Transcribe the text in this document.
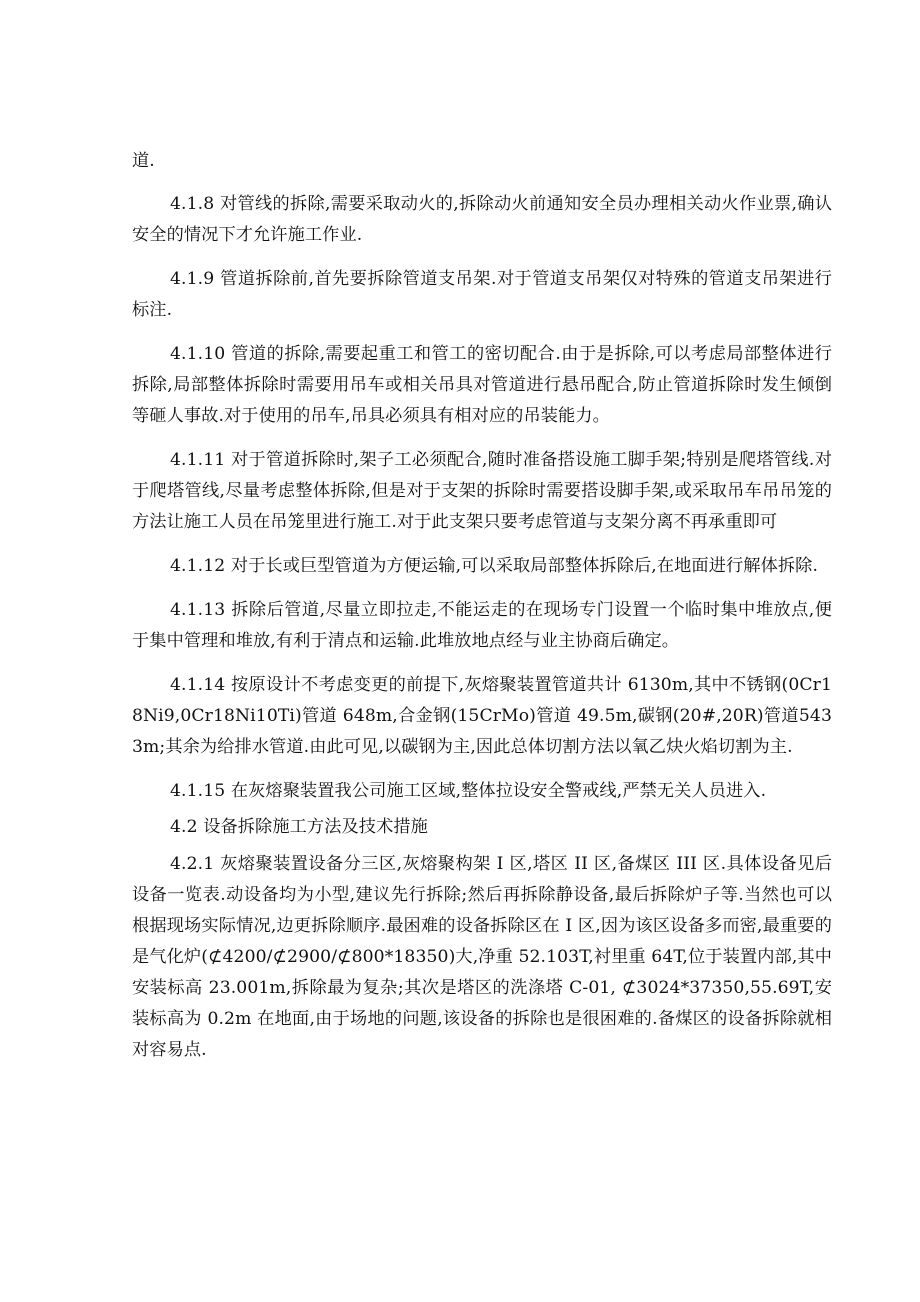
道.

4.1.8 对管线的拆除,需要采取动火的,拆除动火前通知安全员办理相关动火作业票,确认安全的情况下才允许施工作业.

4.1.9 管道拆除前,首先要拆除管道支吊架.对于管道支吊架仅对特殊的管道支吊架进行标注.

4.1.10 管道的拆除,需要起重工和管工的密切配合.由于是拆除,可以考虑局部整体进行拆除,局部整体拆除时需要用吊车或相关吊具对管道进行悬吊配合,防止管道拆除时发生倾倒等砸人事故.对于使用的吊车,吊具必须具有相对应的吊装能力。

4.1.11 对于管道拆除时,架子工必须配合,随时准备搭设施工脚手架;特别是爬塔管线.对于爬塔管线,尽量考虑整体拆除,但是对于支架的拆除时需要搭设脚手架,或采取吊车吊吊笼的方法让施工人员在吊笼里进行施工.对于此支架只要考虑管道与支架分离不再承重即可

4.1.12 对于长或巨型管道为方便运输,可以采取局部整体拆除后,在地面进行解体拆除.

4.1.13 拆除后管道,尽量立即拉走,不能运走的在现场专门设置一个临时集中堆放点,便于集中管理和堆放,有利于清点和运输.此堆放地点经与业主协商后确定。

4.1.14 按原设计不考虑变更的前提下,灰熔聚装置管道共计 6130m,其中不锈钢(0Cr18Ni9,0Cr18Ni10Ti)管道 648m,合金钢(15CrMo)管道 49.5m,碳钢(20#,20R)管道5433m;其余为给排水管道.由此可见,以碳钢为主,因此总体切割方法以氧乙炔火焰切割为主.

4.1.15 在灰熔聚装置我公司施工区域,整体拉设安全警戒线,严禁无关人员进入.

4.2 设备拆除施工方法及技术措施

4.2.1 灰熔聚装置设备分三区,灰熔聚构架 I 区,塔区 II 区,备煤区 III 区.具体设备见后设备一览表.动设备均为小型,建议先行拆除;然后再拆除静设备,最后拆除炉子等.当然也可以根据现场实际情况,边更拆除顺序.最困难的设备拆除区在 I 区,因为该区设备多而密,最重要的是气化炉(⊄4200/⊄2900/⊄800*18350)大,净重 52.103T,衬里重 64T,位于装置内部,其中安装标高 23.001m,拆除最为复杂;其次是塔区的洗涤塔 C-01, ⊄3024*37350,55.69T,安装标高为 0.2m 在地面,由于场地的问题,该设备的拆除也是很困难的.备煤区的设备拆除就相对容易点.
